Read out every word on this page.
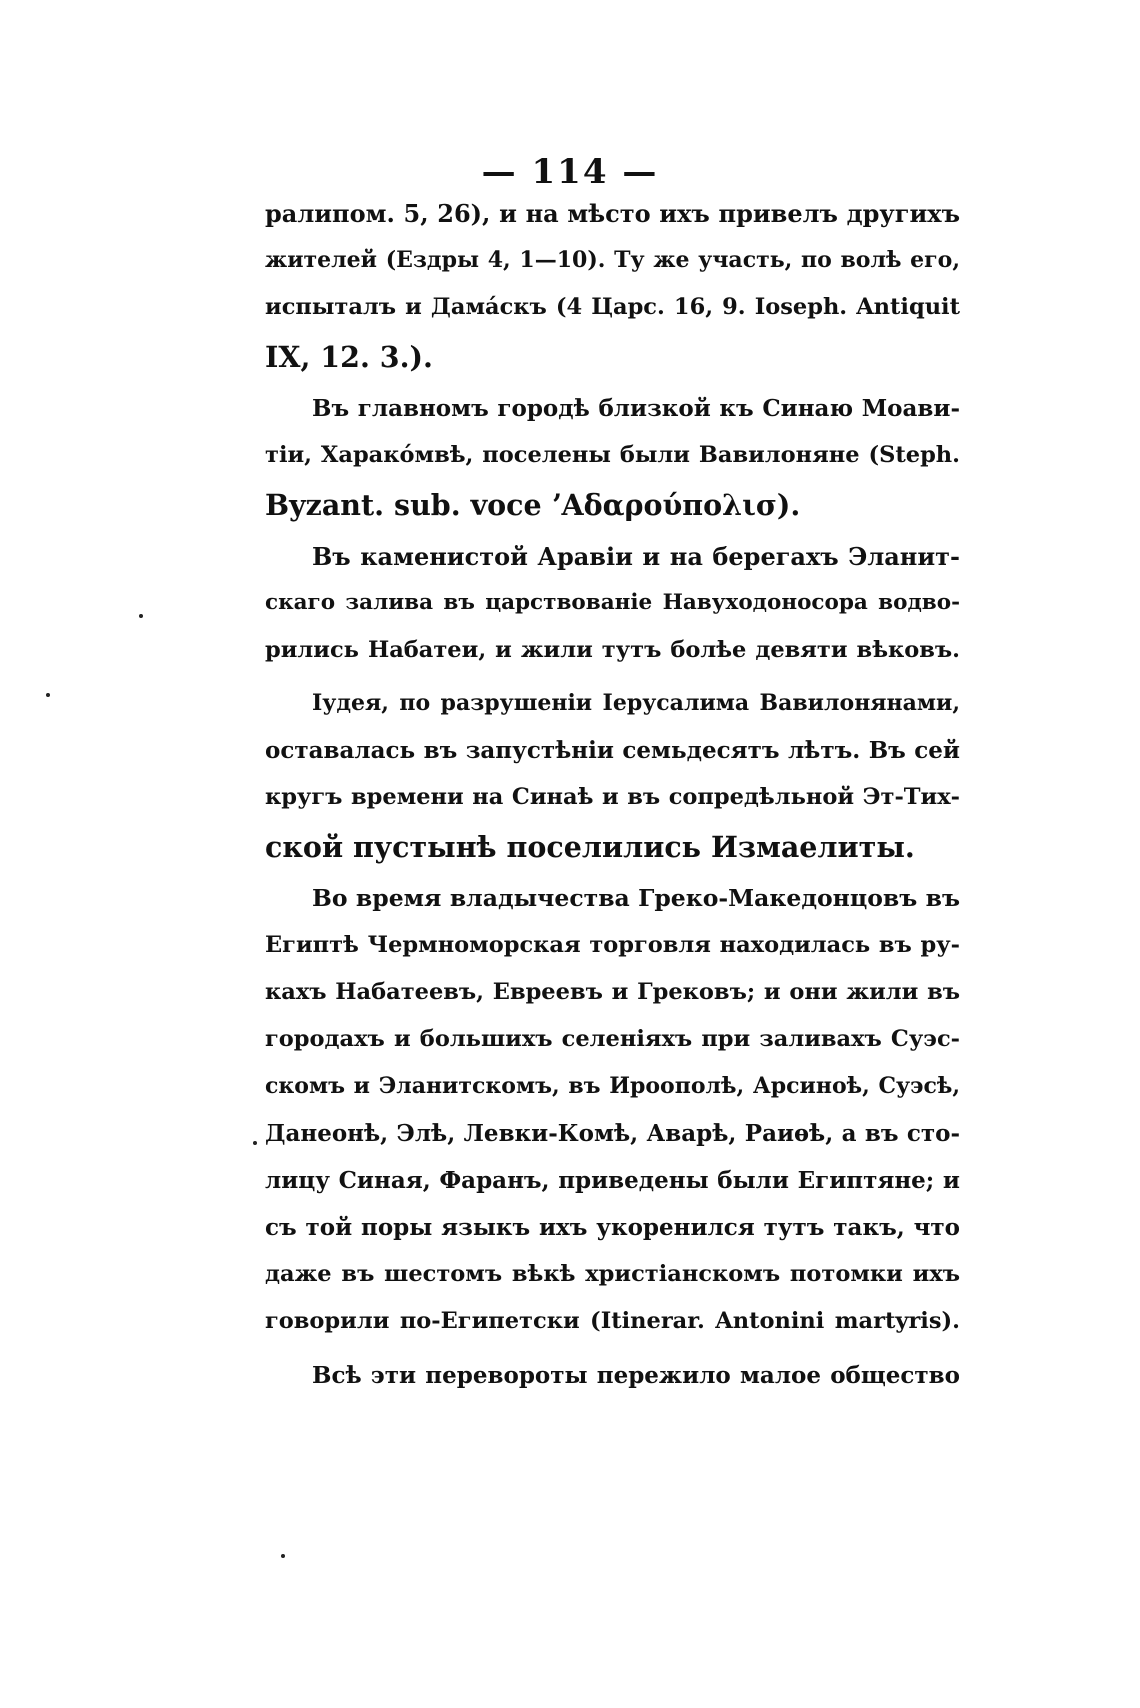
— 114 —
ралипом. 5, 26), и на мѣсто ихъ привелъ другихъ
жителей (Ездры 4, 1—10). Ту же участь, по волѣ его,
испыталъ и Дама́скъ (4 Царс. 16, 9. Ioseph. Antiquit
IX, 12. 3.).
Въ главномъ городѣ близкой къ Синаю Моави-
тіи, Харако́мвѣ, поселены были Вавилоняне (Steph.
Byzant. sub. voce ʼΑδαρούπολισ).
Въ каменистой Аравіи и на берегахъ Эланит-
скаго залива въ царствованіе Навуходоносора водво-
рились Набатеи, и жили тутъ болѣе девяти вѣковъ.
Іудея, по разрушеніи Іерусалима Вавилонянами,
оставалась въ запустѣніи семьдесятъ лѣтъ. Въ сей
кругъ времени на Синаѣ и въ сопредѣльной Эт-Тих-
ской пустынѣ поселились Измаелиты.
Во время владычества Греко-Македонцовъ въ
Египтѣ Чермноморская торговля находилась въ ру-
кахъ Набатеевъ, Евреевъ и Грековъ; и они жили въ
городахъ и большихъ селеніяхъ при заливахъ Суэс-
скомъ и Эланитскомъ, въ Ироополѣ, Арсиноѣ, Суэсѣ,
Данеонѣ, Элѣ, Левки-Комѣ, Аварѣ, Раиѳѣ, а въ сто-
лицу Синая, Фаранъ, приведены были Египтяне; и
съ той поры языкъ ихъ укоренился тутъ такъ, что
даже въ шестомъ вѣкѣ христіанскомъ потомки ихъ
говорили по-Египетски (Itinerar. Antonini martyris).
Всѣ эти перевороты пережило малое общество
